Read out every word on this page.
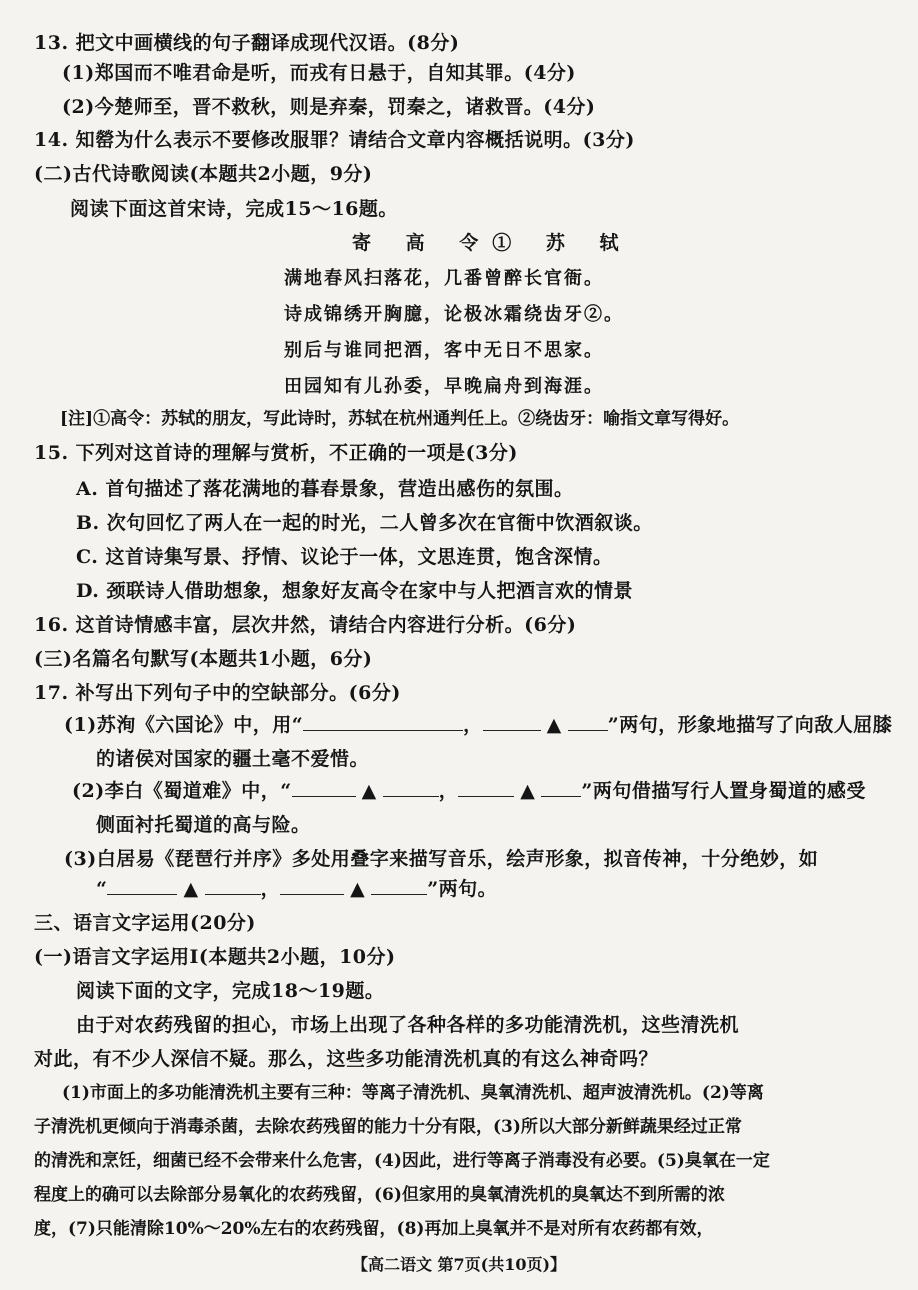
13. 把文中画横线的句子翻译成现代汉语。(8分)
(1)郑国而不唯君命是听，而戎有日悬于，自知其罪。(4分)
(2)今楚师至，晋不救秋，则是弃秦，罚秦之，诸救晋。(4分)
14. 知罃为什么表示不要修改服罪？请结合文章内容概括说明。(3分)
(二)古代诗歌阅读(本题共2小题，9分)
阅读下面这首宋诗，完成15～16题。
寄 高 令① 苏 轼
满地春风扫落花，几番曾醉长官衙。
诗成锦绣开胸臆，论极冰霜绕齿牙②。
别后与谁同把酒，客中无日不思家。
田园知有儿孙委，早晚扁舟到海涯。
[注]①高令：苏轼的朋友，写此诗时，苏轼在杭州通判任上。②绕齿牙：喻指文章写得好。
15. 下列对这首诗的理解与赏析，不正确的一项是(3分)
A. 首句描述了落花满地的暮春景象，营造出感伤的氛围。
B. 次句回忆了两人在一起的时光，二人曾多次在官衙中饮酒叙谈。
C. 这首诗集写景、抒情、议论于一体，文思连贯，饱含深情。
D. 颈联诗人借助想象，想象好友高令在家中与人把酒言欢的情景
16. 这首诗情感丰富，层次井然，请结合内容进行分析。(6分)
(三)名篇名句默写(本题共1小题，6分)
17. 补写出下列句子中的空缺部分。(6分)
(1)苏洵《六国论》中，用“	，	▲ ”两句，形象地描写了向敌人屈膝
的诸侯对国家的疆土毫不爱惜。
(2)李白《蜀道难》中，“	▲	，	▲ ”两句借描写行人置身蜀道的感受
侧面衬托蜀道的高与险。
(3)白居易《琵琶行并序》多处用叠字来描写音乐，绘声形象，拟音传神，十分绝妙，如
“	▲	，	▲	”两句。
三、语言文字运用(20分)
(一)语言文字运用Ⅰ(本题共2小题，10分)
阅读下面的文字，完成18～19题。
由于对农药残留的担心，市场上出现了各种各样的多功能清洗机，这些清洗机
对此，有不少人深信不疑。那么，这些多功能清洗机真的有这么神奇吗？
(1)市面上的多功能清洗机主要有三种：等离子清洗机、臭氧清洗机、超声波清洗机。(2)等离
子清洗机更倾向于消毒杀菌，去除农药残留的能力十分有限，(3)所以大部分新鲜蔬果经过正常
的清洗和烹饪，细菌已经不会带来什么危害，(4)因此，进行等离子消毒没有必要。(5)臭氧在一定
程度上的确可以去除部分易氧化的农药残留，(6)但家用的臭氧清洗机的臭氧达不到所需的浓
度，(7)只能清除10%～20%左右的农药残留，(8)再加上臭氧并不是对所有农药都有效，
【高二语文 第7页(共10页)】
